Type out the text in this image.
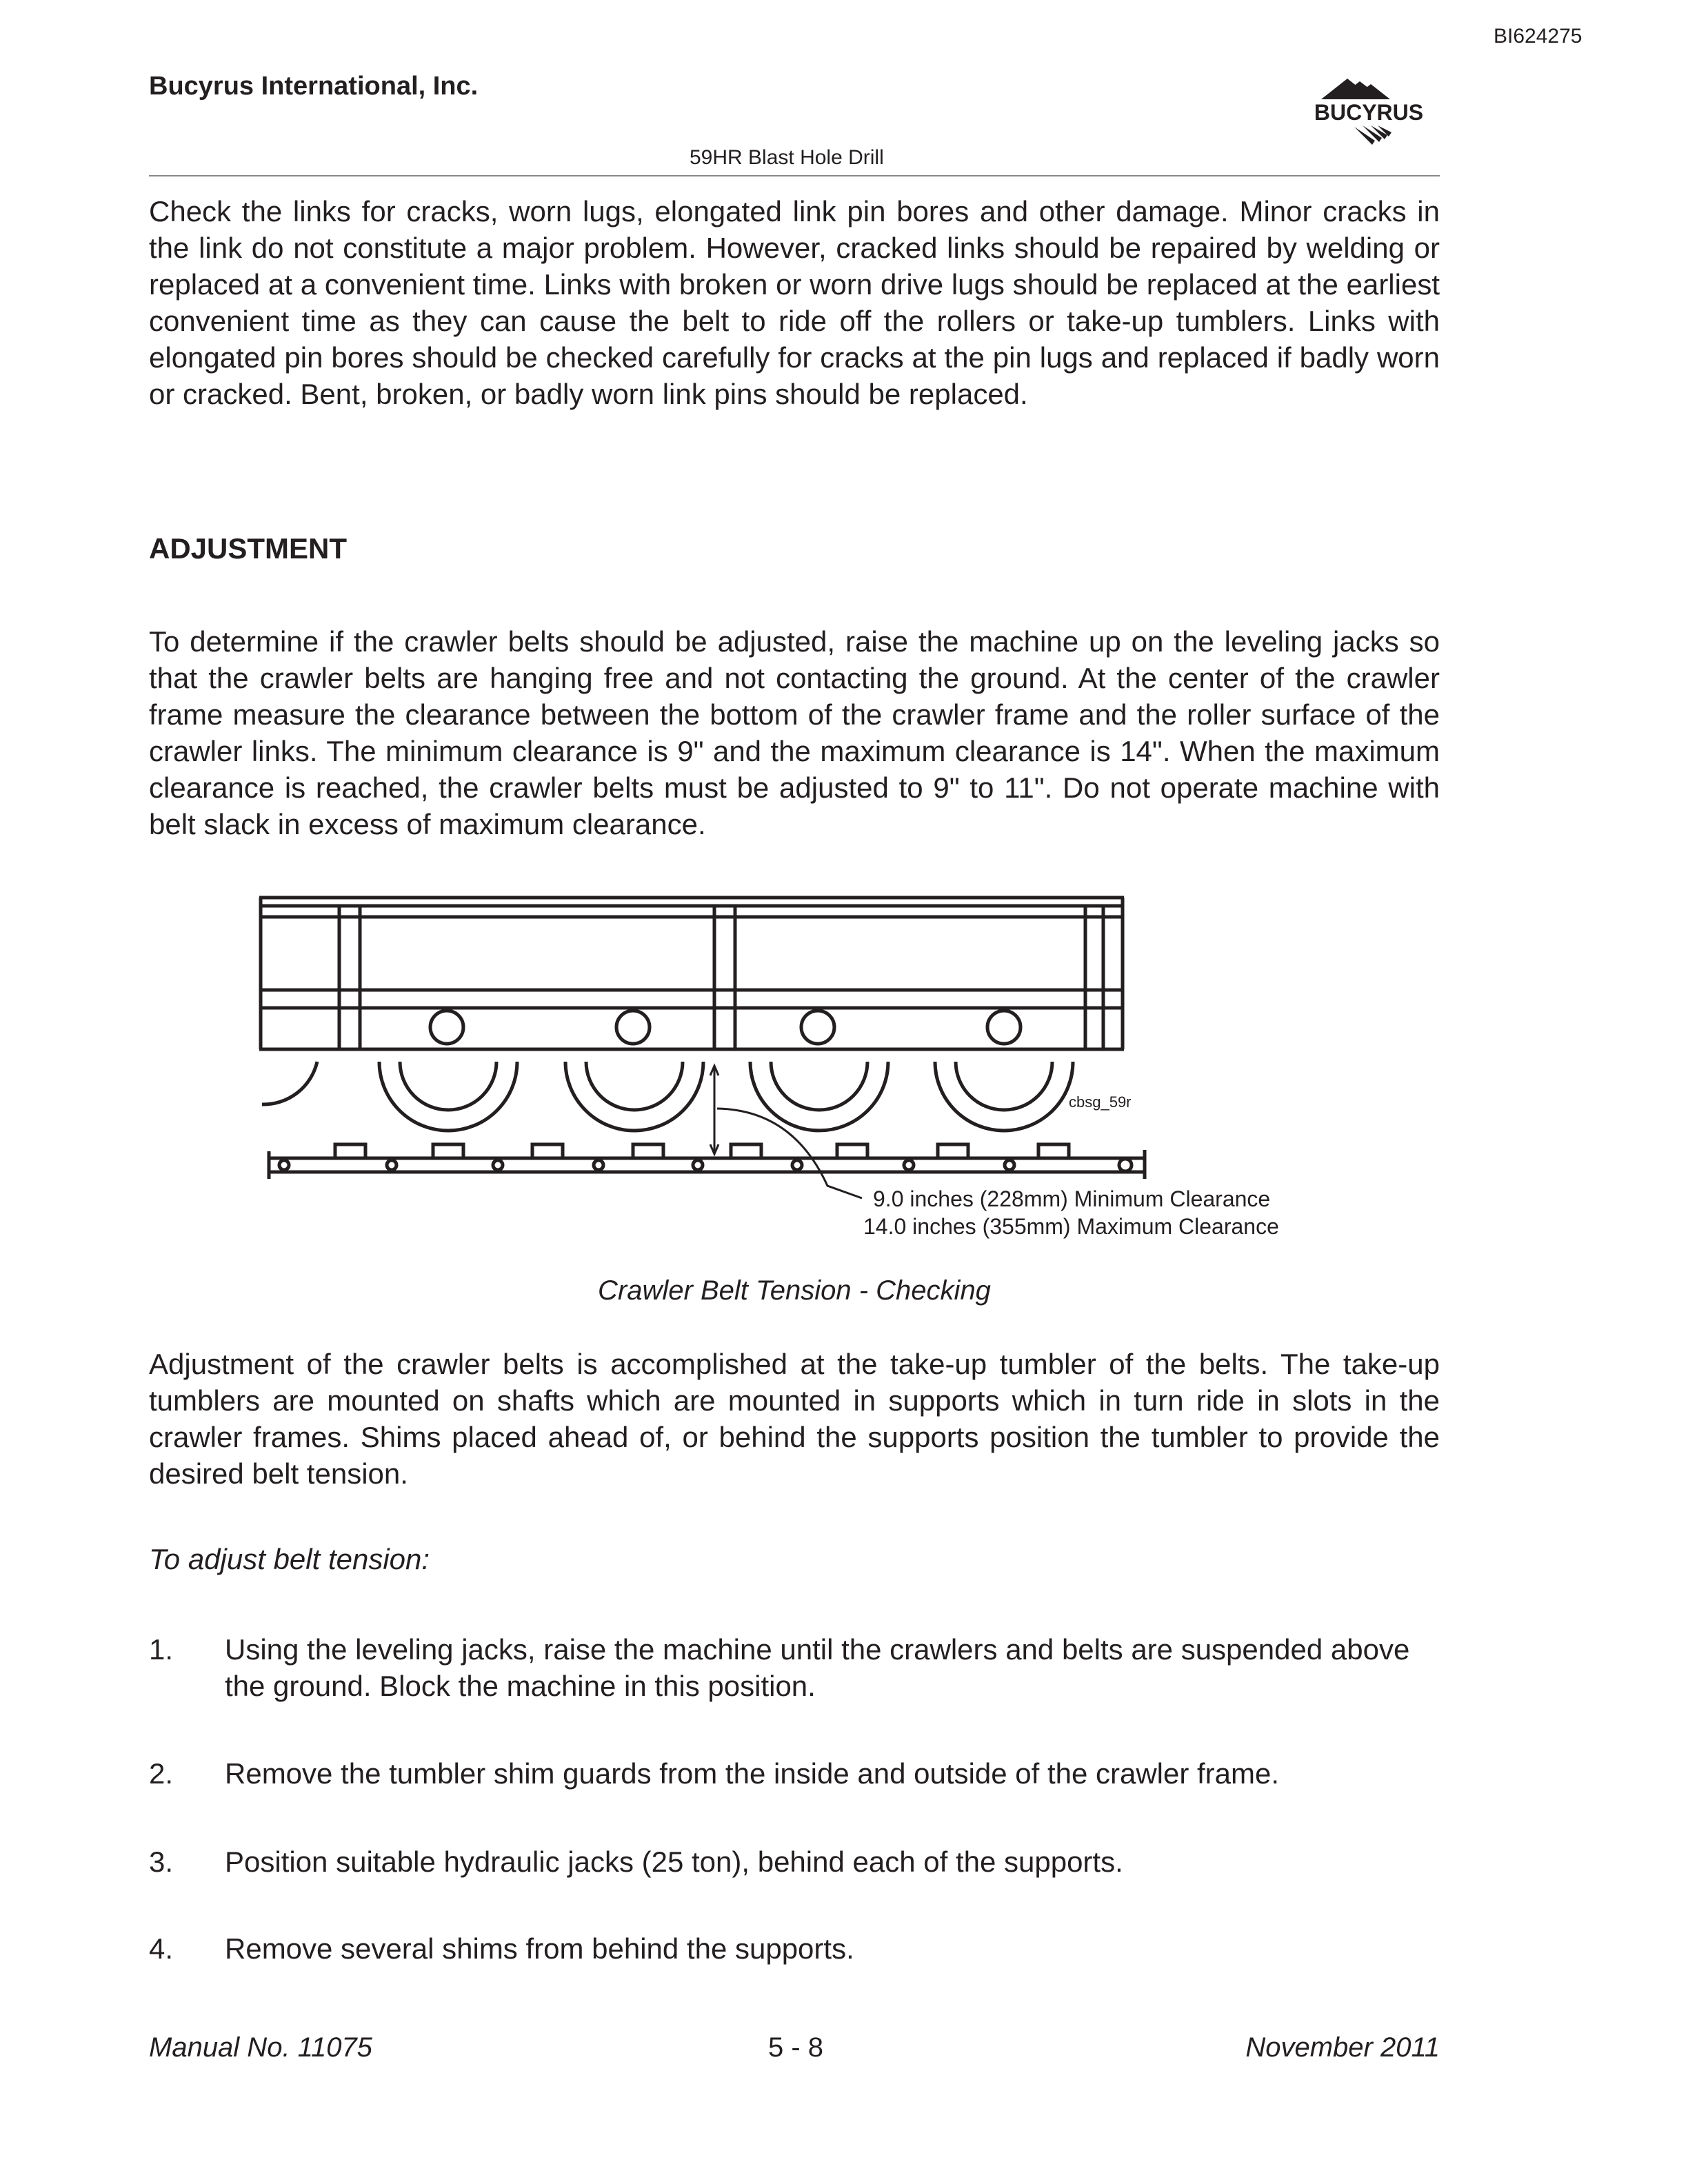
BI624275
Bucyrus International, Inc.
BUCYRUS
59HR Blast Hole Drill
Check the links for cracks, worn lugs, elongated link pin bores and other damage. Minor cracks in the link do not constitute a major problem. However, cracked links should be repaired by welding or replaced at a convenient time. Links with broken or worn drive lugs should be replaced at the earliest convenient time as they can cause the belt to ride off the rollers or take-up tumblers. Links with elongated pin bores should be checked carefully for cracks at the pin lugs and replaced if badly worn or cracked. Bent, broken, or badly worn link pins should be replaced.
ADJUSTMENT
To determine if the crawler belts should be adjusted, raise the machine up on the leveling jacks so that the crawler belts are hanging free and not contacting the ground. At the center of the crawler frame measure the clearance between the bottom of the crawler frame and the roller surface of the crawler links. The minimum clearance is 9" and the maximum clearance is 14". When the maximum clearance is reached, the crawler belts must be adjusted to 9" to 11". Do not operate machine with belt slack in excess of maximum clearance.
cbsg_59r
9.0 inches (228mm) Minimum Clearance
14.0 inches (355mm) Maximum Clearance
Crawler Belt Tension - Checking
Adjustment of the crawler belts is accomplished at the take-up tumbler of the belts. The take-up tumblers are mounted on shafts which are mounted in supports which in turn ride in slots in the crawler frames. Shims placed ahead of, or behind the supports position the tumbler to provide the desired belt tension.
To adjust belt tension:
1. Using the leveling jacks, raise the machine until the crawlers and belts are suspended above the ground. Block the machine in this position.
2. Remove the tumbler shim guards from the inside and outside of the crawler frame.
3. Position suitable hydraulic jacks (25 ton), behind each of the supports.
4. Remove several shims from behind the supports.
Manual No. 11075	5 - 8	November 2011
